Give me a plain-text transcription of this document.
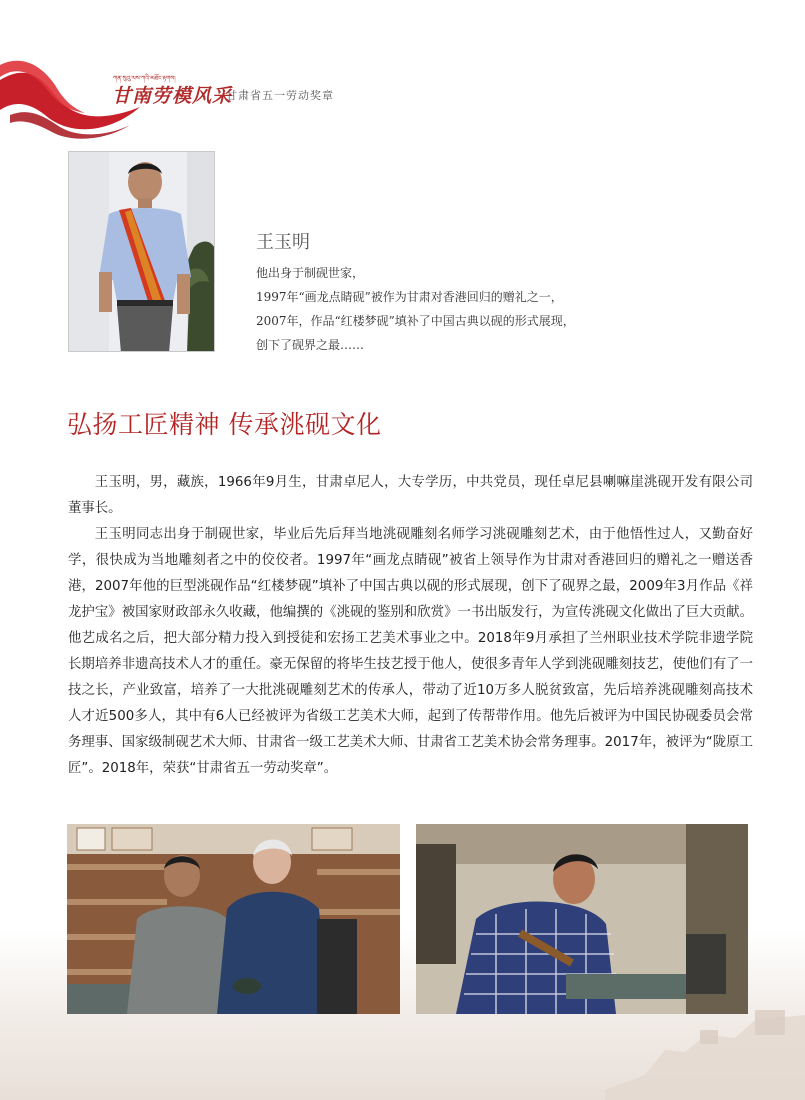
ཀན་སུའུ་ལས་ཀའི་མཐོང་རྟགས།
甘南劳模风采
甘肃省五一劳动奖章
王玉明
他出身于制砚世家，
1997年“画龙点睛砚”被作为甘肃对香港回归的赠礼之一，
2007年，作品“红楼梦砚”填补了中国古典以砚的形式展现，
创下了砚界之最……
弘扬工匠精神 传承洮砚文化

王玉明，男，藏族，1966年9月生，甘肃卓尼人，大专学历，中共党员，现任卓尼县喇嘛崖洮砚开发有限公司董事长。

王玉明同志出身于制砚世家，毕业后先后拜当地洮砚雕刻名师学习洮砚雕刻艺术，由于他悟性过人，又勤奋好学，很快成为当地雕刻者之中的佼佼者。1997年“画龙点睛砚”被省上领导作为甘肃对香港回归的赠礼之一赠送香港，2007年他的巨型洮砚作品“红楼梦砚”填补了中国古典以砚的形式展现，创下了砚界之最，2009年3月作品《祥龙护宝》被国家财政部永久收藏，他编撰的《洮砚的鉴别和欣赏》一书出版发行，为宣传洮砚文化做出了巨大贡献。他艺成名之后，把大部分精力投入到授徒和宏扬工艺美术事业之中。2018年9月承担了兰州职业技术学院非遗学院长期培养非遗高技术人才的重任。豪无保留的将毕生技艺授于他人，使很多青年人学到洮砚雕刻技艺，使他们有了一技之长，产业致富，培养了一大批洮砚雕刻艺术的传承人，带动了近10万多人脱贫致富，先后培养洮砚雕刻高技术人才近500多人，其中有6人已经被评为省级工艺美术大师，起到了传帮带作用。他先后被评为中国民协砚委员会常务理事、国家级制砚艺术大师、甘肃省一级工艺美术大师、甘肃省工艺美术协会常务理事。2017年，被评为“陇原工匠”。2018年，荣获“甘肃省五一劳动奖章”。
